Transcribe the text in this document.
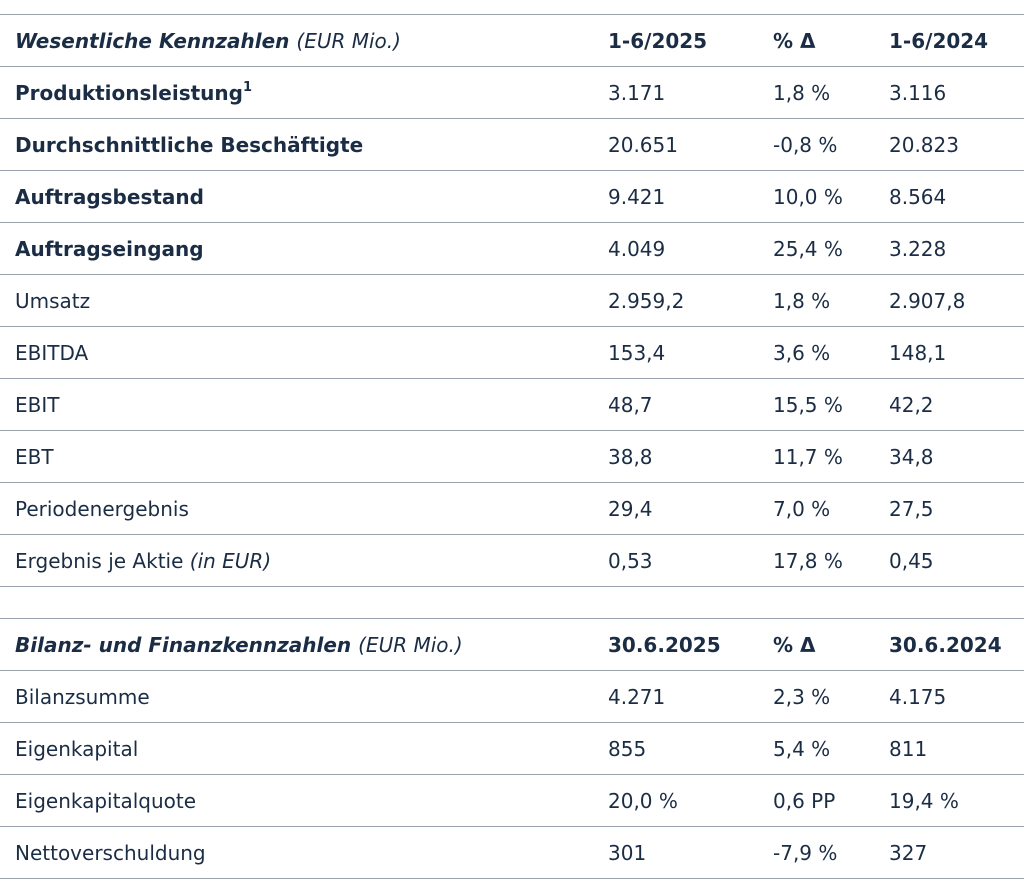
Wesentliche Kennzahlen (EUR Mio.)	1-6/2025	% Δ	1-6/2024
Produktionsleistung$^1$	3.171	1,8 %	3.116
Durchschnittliche Beschäftigte	20.651	-0,8 %	20.823
Auftragsbestand	9.421	10,0 %	8.564
Auftragseingang	4.049	25,4 %	3.228
Umsatz	2.959,2	1,8 %	2.907,8
EBITDA	153,4	3,6 %	148,1
EBIT	48,7	15,5 %	42,2
EBT	38,8	11,7 %	34,8
Periodenergebnis	29,4	7,0 %	27,5
Ergebnis je Aktie (in EUR)	0,53	17,8 %	0,45
Bilanz- und Finanzkennzahlen (EUR Mio.)	30.6.2025	% Δ	30.6.2024
Bilanzsumme	4.271	2,3 %	4.175
Eigenkapital	855	5,4 %	811
Eigenkapitalquote	20,0 %	0,6 PP	19,4 %
Nettoverschuldung	301	-7,9 %	327
